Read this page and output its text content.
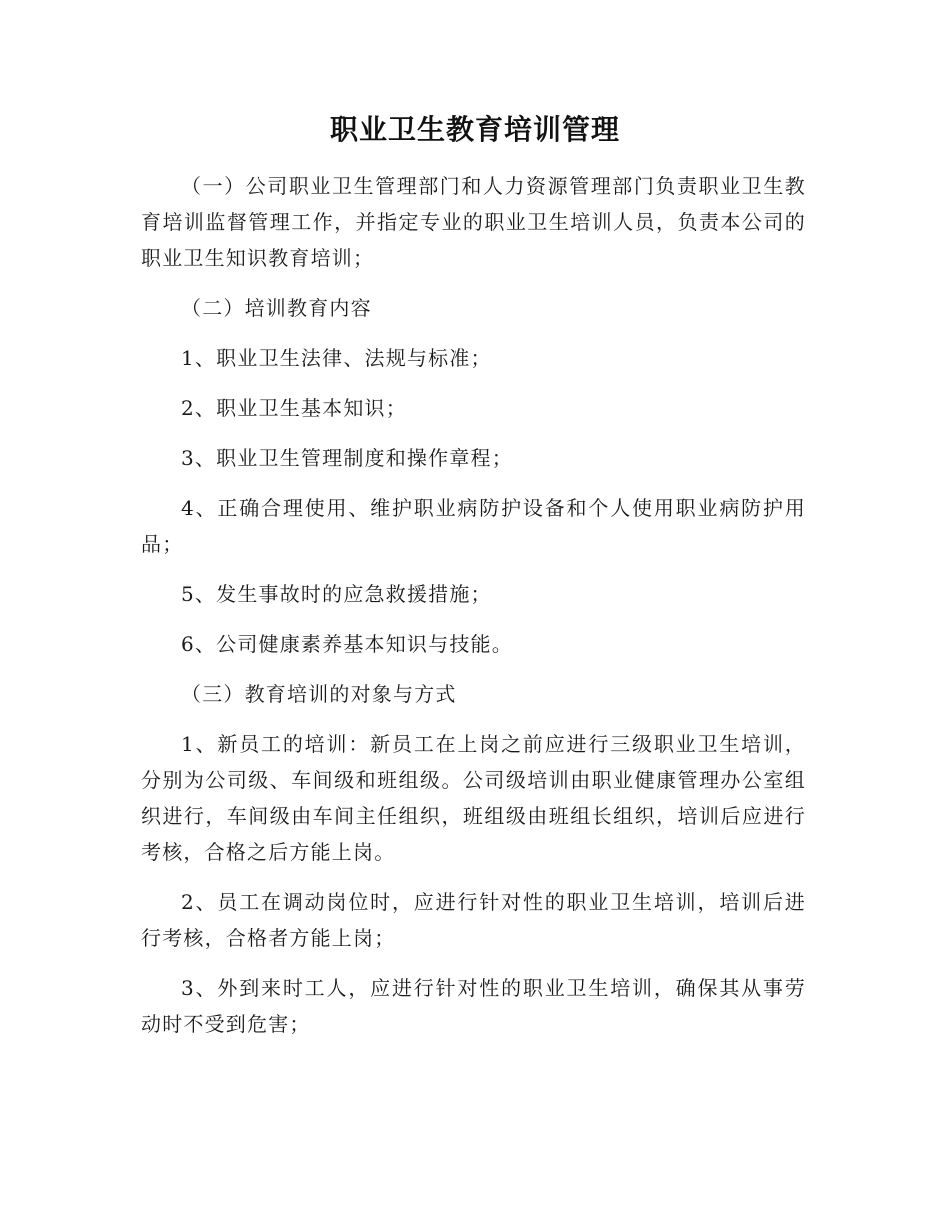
职业卫生教育培训管理

（一）公司职业卫生管理部门和人力资源管理部门负责职业卫生教育培训监督管理工作，并指定专业的职业卫生培训人员，负责本公司的职业卫生知识教育培训；

（二）培训教育内容

1、职业卫生法律、法规与标准；

2、职业卫生基本知识；

3、职业卫生管理制度和操作章程；

4、正确合理使用、维护职业病防护设备和个人使用职业病防护用品；

5、发生事故时的应急救援措施；

6、公司健康素养基本知识与技能。

（三）教育培训的对象与方式

1、新员工的培训：新员工在上岗之前应进行三级职业卫生培训，分别为公司级、车间级和班组级。公司级培训由职业健康管理办公室组织进行，车间级由车间主任组织，班组级由班组长组织，培训后应进行考核，合格之后方能上岗。

2、员工在调动岗位时，应进行针对性的职业卫生培训，培训后进行考核，合格者方能上岗；

3、外到来时工人，应进行针对性的职业卫生培训，确保其从事劳动时不受到危害；
